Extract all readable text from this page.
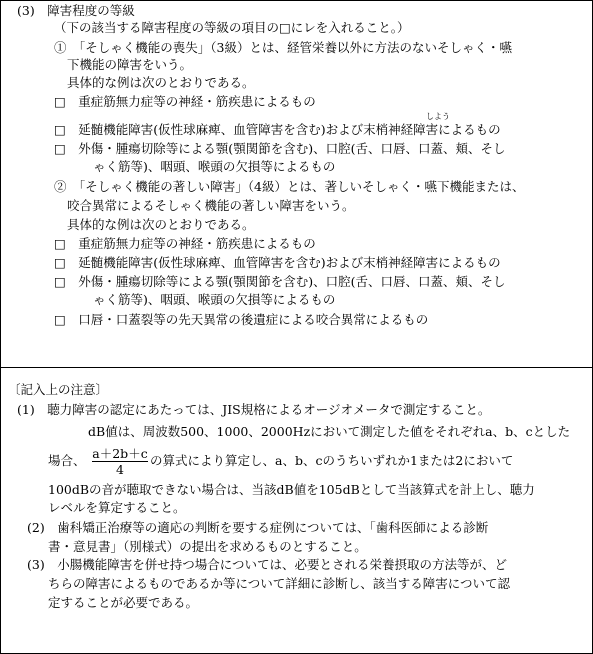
(3)　障害程度の等級
（下の該当する障害程度の等級の項目の□にレを入れること。）
①　「そしゃく機能の喪失」（3級）とは、経管栄養以外に方法のないそしゃく・嚥
下機能の障害をいう。
具体的な例は次のとおりである。
□　重症筋無力症等の神経・筋疾患によるもの
しよう
□　延髄機能障害(仮性球麻痺、血管障害を含む)および末梢神経障害によるもの
□　外傷・腫瘍切除等による顎(顎関節を含む)、口腔(舌、口唇、口蓋、頬、そし
ゃく筋等)、咽頭、喉頭の欠損等によるもの
②　「そしゃく機能の著しい障害」（4級）とは、著しいそしゃく・嚥下機能または、
咬合異常によるそしゃく機能の著しい障害をいう。
具体的な例は次のとおりである。
□　重症筋無力症等の神経・筋疾患によるもの
□　延髄機能障害(仮性球麻痺、血管障害を含む)および末梢神経障害によるもの
□　外傷・腫瘍切除等による顎(顎関節を含む)、口腔(舌、口唇、口蓋、頬、そし
ゃく筋等)、咽頭、喉頭の欠損等によるもの
□　口唇・口蓋裂等の先天異常の後遺症による咬合異常によるもの
〔記入上の注意〕
(1)　聴力障害の認定にあたっては、JIS規格によるオージオメータで測定すること。
dB値は、周波数500、1000、2000Hzにおいて測定した値をそれぞれa、b、cとした
場合、 $\frac{a+2b+c}{4}$ の算式により算定し、a、b、cのうちいずれか1または2において
100dBの音が聴取できない場合は、当該dB値を105dBとして当該算式を計上し、聴力
レベルを算定すること。
(2)　歯科矯正治療等の適応の判断を要する症例については、「歯科医師による診断
書・意見書」（別様式）の提出を求めるものとすること。
(3)　小腸機能障害を併せ持つ場合については、必要とされる栄養摂取の方法等が、ど
ちらの障害によるものであるか等について詳細に診断し、該当する障害について認
定することが必要である。
